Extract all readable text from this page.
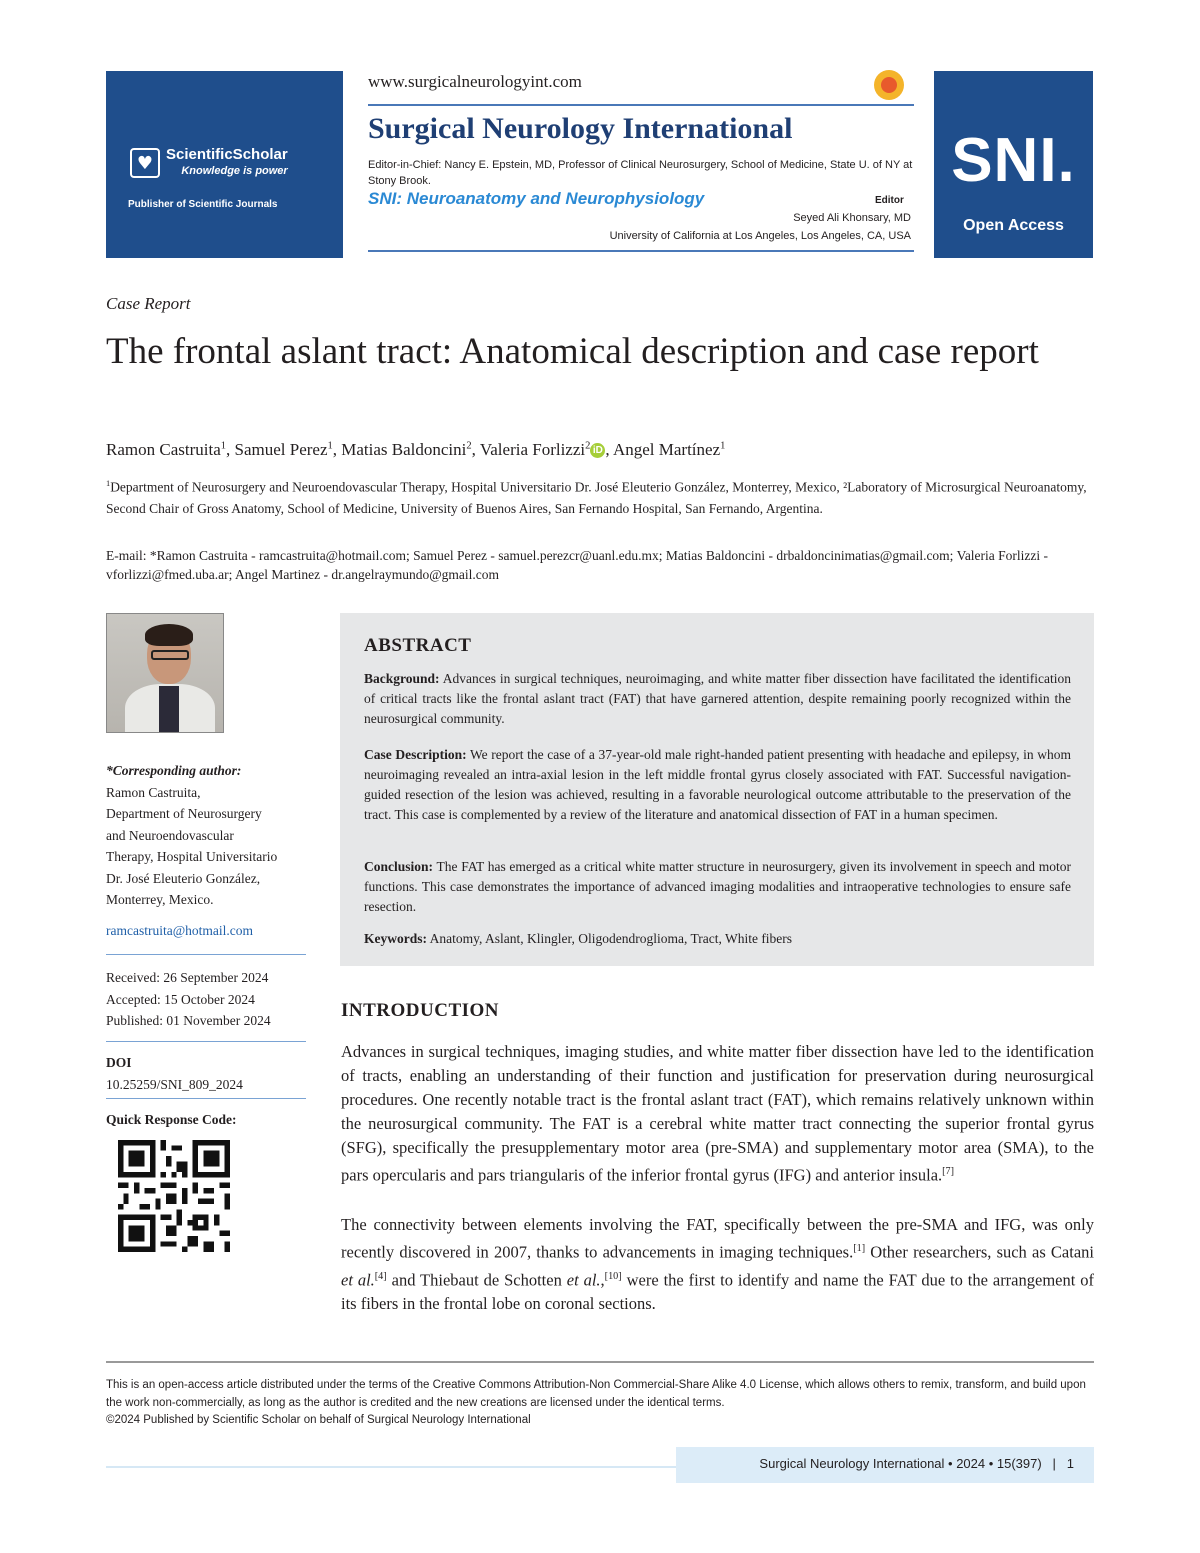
♥ ScientificScholar
Knowledge is power
Publisher of Scientific Journals
www.surgicalneurologyint.com
Surgical Neurology International
Editor-in-Chief: Nancy E. Epstein, MD, Professor of Clinical Neurosurgery, School of Medicine, State U. of NY at Stony Brook.
SNI: Neuroanatomy and Neurophysiology	Editor
Seyed Ali Khonsary, MD
University of California at Los Angeles, Los Angeles, CA, USA
SNI.
Open Access
Case Report
The frontal aslant tract: Anatomical description and case report
Ramon Castruita$^1$, Samuel Perez$^1$, Matias Baldoncini$^2$, Valeria Forlizzi$^2$ iD , Angel Martínez$^1$
$^1$Department of Neurosurgery and Neuroendovascular Therapy, Hospital Universitario Dr. José Eleuterio González, Monterrey, Mexico, ²Laboratory of Microsurgical Neuroanatomy, Second Chair of Gross Anatomy, School of Medicine, University of Buenos Aires, San Fernando Hospital, San Fernando, Argentina.
E-mail: *Ramon Castruita - ramcastruita@hotmail.com; Samuel Perez - samuel.perezcr@uanl.edu.mx; Matias Baldoncini - drbaldoncinimatias@gmail.com; Valeria Forlizzi - vforlizzi@fmed.uba.ar; Angel Martinez - dr.angelraymundo@gmail.com
*Corresponding author:
Ramon Castruita,
Department of Neurosurgery
and Neuroendovascular
Therapy, Hospital Universitario
Dr. José Eleuterio González,
Monterrey, Mexico.
ramcastruita@hotmail.com
Received: 26 September 2024
Accepted: 15 October 2024
Published: 01 November 2024
DOI
10.25259/SNI_809_2024
Quick Response Code:
ABSTRACT
Background: Advances in surgical techniques, neuroimaging, and white matter fiber dissection have facilitated the identification of critical tracts like the frontal aslant tract (FAT) that have garnered attention, despite remaining poorly recognized within the neurosurgical community.
Case Description: We report the case of a 37-year-old male right-handed patient presenting with headache and epilepsy, in whom neuroimaging revealed an intra-axial lesion in the left middle frontal gyrus closely associated with FAT. Successful navigation-guided resection of the lesion was achieved, resulting in a favorable neurological outcome attributable to the preservation of the tract. This case is complemented by a review of the literature and anatomical dissection of FAT in a human specimen.
Conclusion: The FAT has emerged as a critical white matter structure in neurosurgery, given its involvement in speech and motor functions. This case demonstrates the importance of advanced imaging modalities and intraoperative technologies to ensure safe resection.
Keywords: Anatomy, Aslant, Klingler, Oligodendroglioma, Tract, White fibers
INTRODUCTION
Advances in surgical techniques, imaging studies, and white matter fiber dissection have led to the identification of tracts, enabling an understanding of their function and justification for preservation during neurosurgical procedures. One recently notable tract is the frontal aslant tract (FAT), which remains relatively unknown within the neurosurgical community. The FAT is a cerebral white matter tract connecting the superior frontal gyrus (SFG), specifically the presupplementary motor area (pre-SMA) and supplementary motor area (SMA), to the pars opercularis and pars triangularis of the inferior frontal gyrus (IFG) and anterior insula.[7]
The connectivity between elements involving the FAT, specifically between the pre-SMA and IFG, was only recently discovered in 2007, thanks to advancements in imaging techniques.[1] Other researchers, such as Catani et al.[4] and Thiebaut de Schotten et al.,[10] were the first to identify and name the FAT due to the arrangement of its fibers in the frontal lobe on coronal sections.
This is an open-access article distributed under the terms of the Creative Commons Attribution-Non Commercial-Share Alike 4.0 License, which allows others to remix, transform, and build upon the work non-commercially, as long as the author is credited and the new creations are licensed under the identical terms.
©2024 Published by Scientific Scholar on behalf of Surgical Neurology International
Surgical Neurology International • 2024 • 15(397)   |   1
